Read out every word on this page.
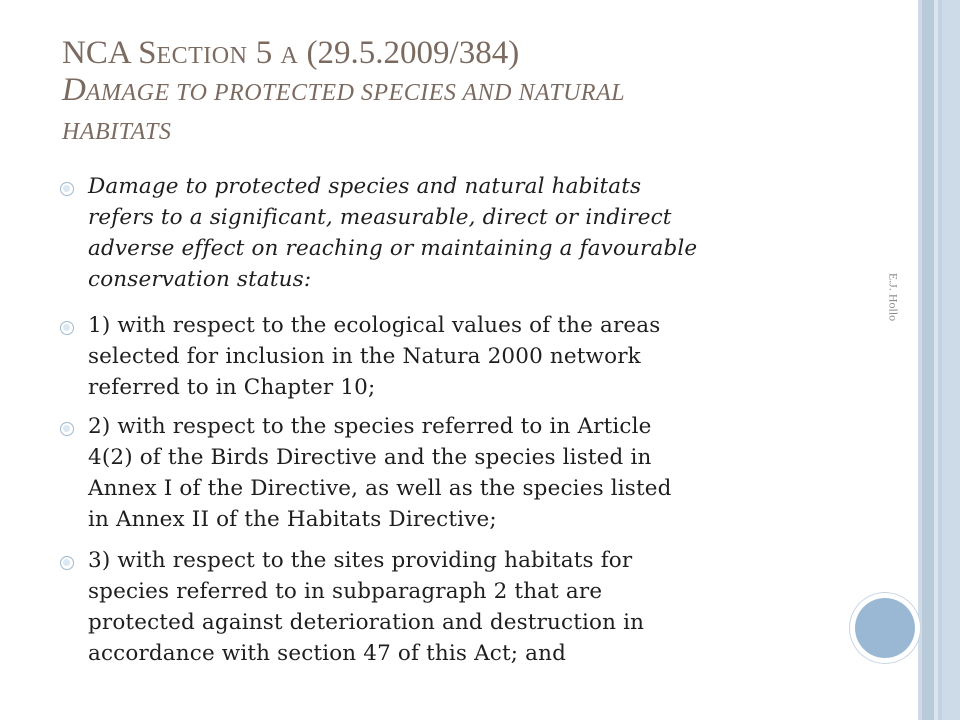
E.J. Hollo
NCA SECTION 5 A (29.5.2009/384)
DAMAGE TO PROTECTED SPECIES AND NATURAL
HABITATS
Damage to protected species and natural habitats
refers to a significant, measurable, direct or indirect
adverse effect on reaching or maintaining a favourable
conservation status:
1) with respect to the ecological values of the areas
selected for inclusion in the Natura 2000 network
referred to in Chapter 10;
2) with respect to the species referred to in Article
4(2) of the Birds Directive and the species listed in
Annex I of the Directive, as well as the species listed
in Annex II of the Habitats Directive;
3) with respect to the sites providing habitats for
species referred to in subparagraph 2 that are
protected against deterioration and destruction in
accordance with section 47 of this Act; and
